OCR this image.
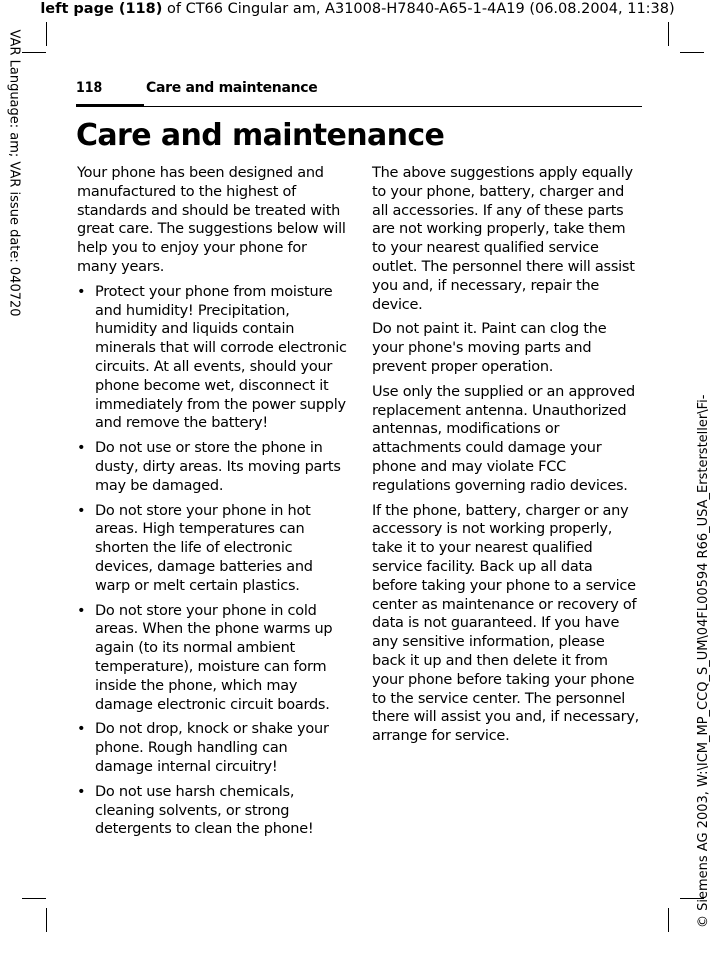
left page (118) of CT66 Cingular am, A31008-H7840-A65-1-4A19 (06.08.2004, 11:38)
VAR Language: am; VAR issue date: 040720
© Siemens AG 2003, W:\ICM_MP_CCQ_S_UM\04FL00594 R66_USA_Erstersteller\Fi-
118	Care and maintenance
Care and maintenance

Your phone has been designed and manufactured to the highest of standards and should be treated with great care. The suggestions below will help you to enjoy your phone for many years.

• Protect your phone from moisture and humidity! Precipitation, humidity and liquids contain minerals that will corrode electronic circuits. At all events, should your phone become wet, disconnect it immediately from the power supply and remove the battery!
• Do not use or store the phone in dusty, dirty areas. Its moving parts may be damaged.
• Do not store your phone in hot areas. High temperatures can shorten the life of electronic devices, damage batteries and warp or melt certain plastics.
• Do not store your phone in cold areas. When the phone warms up again (to its normal ambient temperature), moisture can form inside the phone, which may damage electronic circuit boards.
• Do not drop, knock or shake your phone. Rough handling can damage internal circuitry!
• Do not use harsh chemicals, cleaning solvents, or strong detergents to clean the phone!

The above suggestions apply equally to your phone, battery, charger and all accessories. If any of these parts are not working properly, take them to your nearest qualified service outlet. The personnel there will assist you and, if necessary, repair the device.

Do not paint it. Paint can clog the your phone's moving parts and prevent proper operation.

Use only the supplied or an approved replacement antenna. Unauthorized antennas, modifications or attachments could damage your phone and may violate FCC regulations governing radio devices.

If the phone, battery, charger or any accessory is not working properly, take it to your nearest qualified service facility. Back up all data before taking your phone to a service center as maintenance or recovery of data is not guaranteed. If you have any sensitive information, please back it up and then delete it from your phone before taking your phone to the service center. The personnel there will assist you and, if necessary, arrange for service.
